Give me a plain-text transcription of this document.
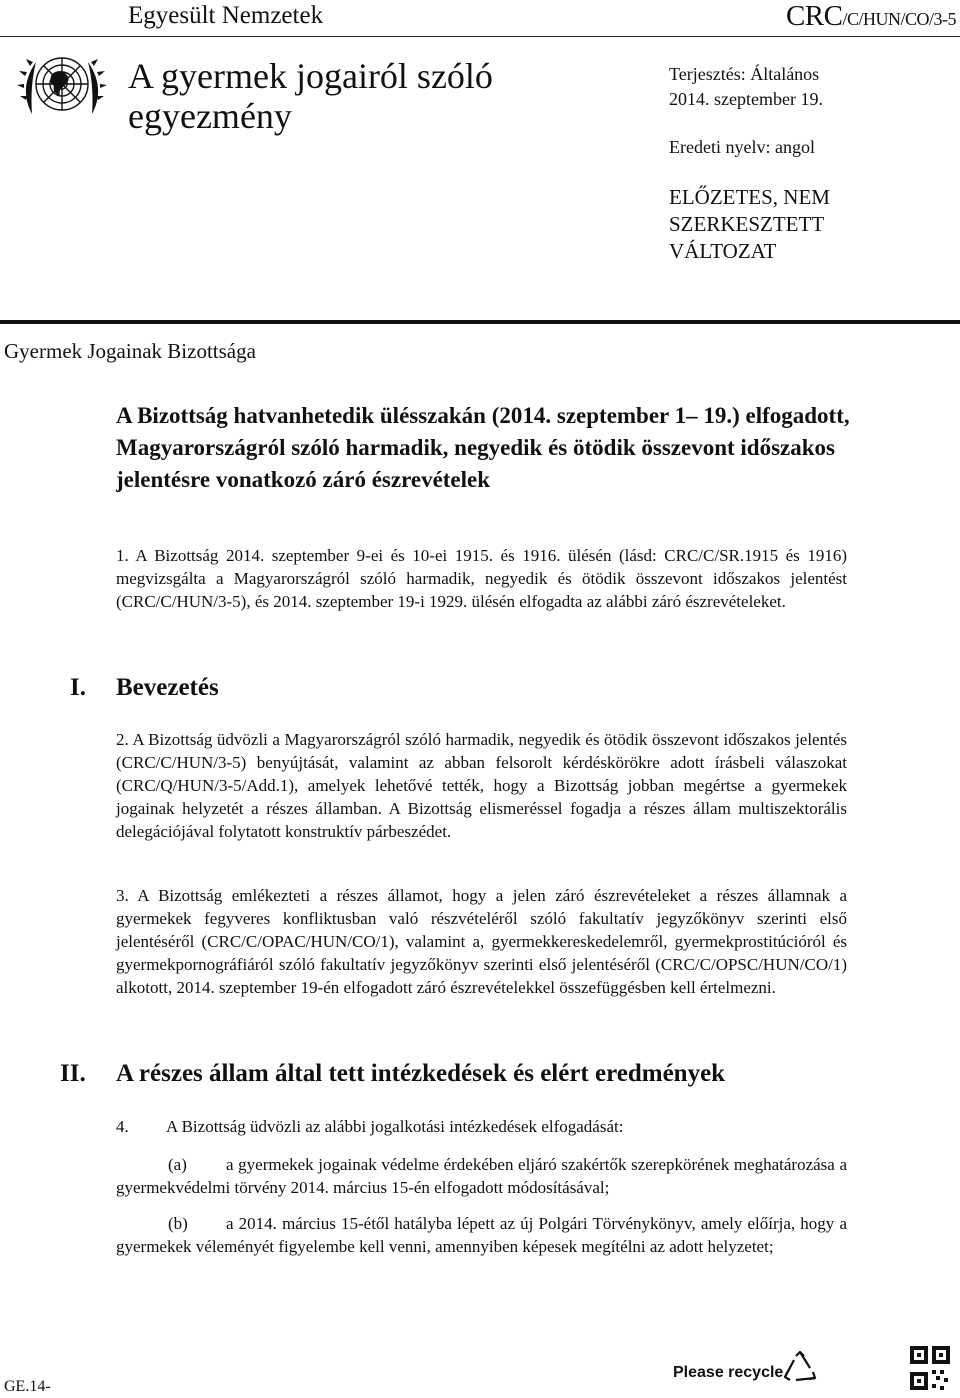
Egyesült Nemzetek	CRC/C/HUN/CO/3-5
A gyermek jogairól szóló
egyezmény
Terjesztés: Általános
2014. szeptember 19.
Eredeti nyelv: angol
ELŐZETES, NEM
SZERKESZTETT
VÁLTOZAT
Gyermek Jogainak Bizottsága
A Bizottság hatvanhetedik ülésszakán (2014. szeptember 1– 19.) elfogadott, Magyarországról szóló harmadik, negyedik és ötödik összevont időszakos jelentésre vonatkozó záró észrevételek
1. A Bizottság 2014. szeptember 9-ei és 10-ei 1915. és 1916. ülésén (lásd: CRC/C/SR.1915 és 1916) megvizsgálta a Magyarországról szóló harmadik, negyedik és ötödik összevont időszakos jelentést (CRC/C/HUN/3-5), és 2014. szeptember 19-i 1929. ülésén elfogadta az alábbi záró észrevételeket.
I. Bevezetés
2. A Bizottság üdvözli a Magyarországról szóló harmadik, negyedik és ötödik összevont időszakos jelentés (CRC/C/HUN/3-5) benyújtását, valamint az abban felsorolt kérdéskörökre adott írásbeli válaszokat (CRC/Q/HUN/3-5/Add.1), amelyek lehetővé tették, hogy a Bizottság jobban megértse a gyermekek jogainak helyzetét a részes államban. A Bizottság elismeréssel fogadja a részes állam multiszektorális delegációjával folytatott konstruktív párbeszédet.
3. A Bizottság emlékezteti a részes államot, hogy a jelen záró észrevételeket a részes államnak a gyermekek fegyveres konfliktusban való részvételéről szóló fakultatív jegyzőkönyv szerinti első jelentéséről (CRC/C/OPAC/HUN/CO/1), valamint a, gyermekkereskedelemről, gyermekprostitúcióról és gyermekpornográfiáról szóló fakultatív jegyzőkönyv szerinti első jelentéséről (CRC/C/OPSC/HUN/CO/1) alkotott, 2014. szeptember 19-én elfogadott záró észrevételekkel összefüggésben kell értelmezni.
II. A részes állam által tett intézkedések és elért eredmények
4. A Bizottság üdvözli az alábbi jogalkotási intézkedések elfogadását:
(a) a gyermekek jogainak védelme érdekében eljáró szakértők szerepkörének meghatározása a gyermekvédelmi törvény 2014. március 15-én elfogadott módosításával;
(b) a 2014. március 15-étől hatályba lépett az új Polgári Törvénykönyv, amely előírja, hogy a gyermekek véleményét figyelembe kell venni, amennyiben képesek megítélni az adott helyzetet;
GE.14-
Please recycle
